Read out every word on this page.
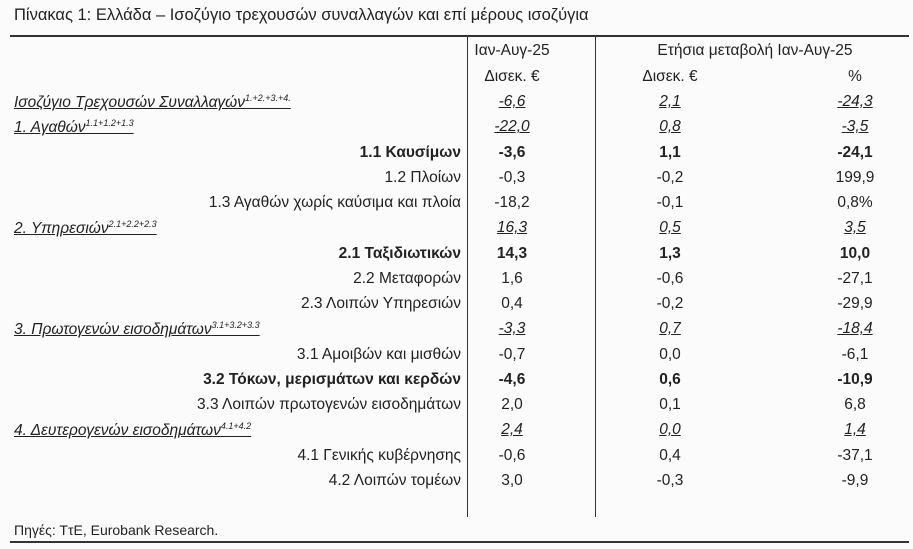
Πίνακας 1: Ελλάδα – Ισοζύγιο τρεχουσών συναλλαγών και επί μέρους ισοζύγια
Ιαν-Αυγ-25	Ετήσια μεταβολή Ιαν-Αυγ-25
Δισεκ. €	Δισεκ. €	%
Ισοζύγιο Τρεχουσών Συναλλαγών$^{1.+2.+3.+4.}$	-6,6	2,1	-24,3
1. Αγαθών$^{1.1+1.2+1.3}$	-22,0	0,8	-3,5
1.1 Καυσίμων	-3,6	1,1	-24,1
1.2 Πλοίων	-0,3	-0,2	199,9
1.3 Αγαθών χωρίς καύσιμα και πλοία	-18,2	-0,1	0,8%
2. Υπηρεσιών$^{2.1+2.2+2.3}$	16,3	0,5	3,5
2.1 Ταξιδιωτικών	14,3	1,3	10,0
2.2 Μεταφορών	1,6	-0,6	-27,1
2.3 Λοιπών Υπηρεσιών	0,4	-0,2	-29,9
3. Πρωτογενών εισοδημάτων$^{3.1+3.2+3.3}$	-3,3	0,7	-18,4
3.1 Αμοιβών και μισθών	-0,7	0,0	-6,1
3.2 Τόκων, μερισμάτων και κερδών	-4,6	0,6	-10,9
3.3 Λοιπών πρωτογενών εισοδημάτων	2,0	0,1	6,8
4. Δευτερογενών εισοδημάτων$^{4.1+4.2}$	2,4	0,0	1,4
4.1 Γενικής κυβέρνησης	-0,6	0,4	-37,1
4.2 Λοιπών τομέων	3,0	-0,3	-9,9
Πηγές: ΤτΕ, Eurobank Research.
